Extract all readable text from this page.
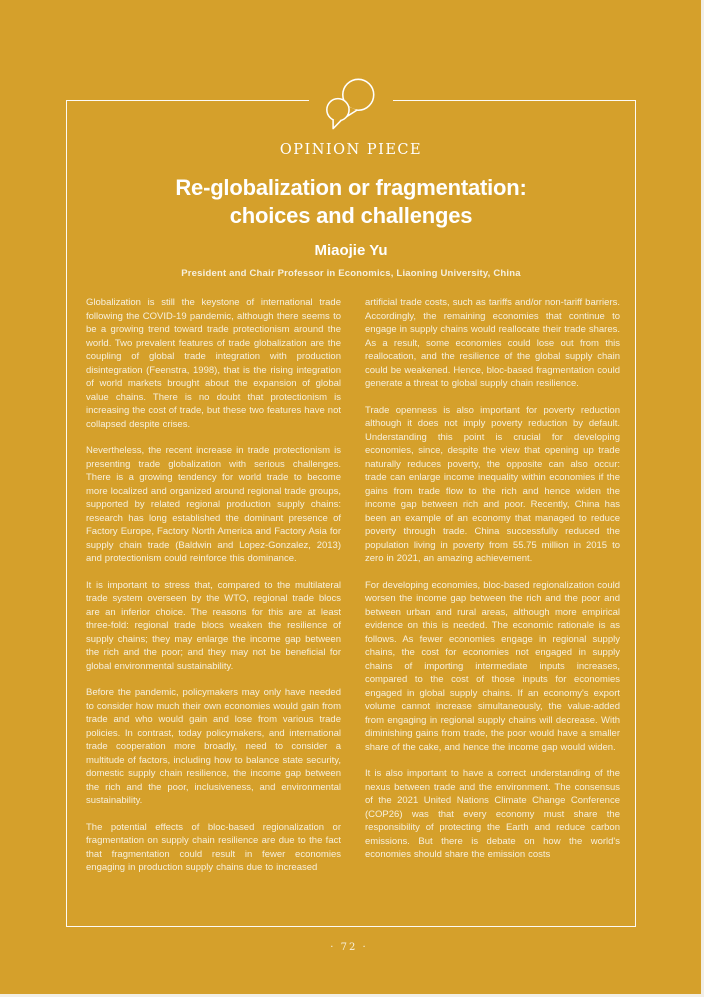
OPINION PIECE
Re-globalization or fragmentation:
choices and challenges
Miaojie Yu
President and Chair Professor in Economics, Liaoning University, China

Globalization is still the keystone of international trade following the COVID-19 pandemic, although there seems to be a growing trend toward trade protectionism around the world. Two prevalent features of trade globalization are the coupling of global trade integration with production disintegration (Feenstra, 1998), that is the rising integration of world markets brought about the expansion of global value chains. There is no doubt that protectionism is increasing the cost of trade, but these two features have not collapsed despite crises.

Nevertheless, the recent increase in trade protectionism is presenting trade globalization with serious challenges. There is a growing tendency for world trade to become more localized and organized around regional trade groups, supported by related regional production supply chains: research has long established the dominant presence of Factory Europe, Factory North America and Factory Asia for supply chain trade (Baldwin and Lopez-Gonzalez, 2013) and protectionism could reinforce this dominance.

It is important to stress that, compared to the multilateral trade system overseen by the WTO, regional trade blocs are an inferior choice. The reasons for this are at least three-fold: regional trade blocs weaken the resilience of supply chains; they may enlarge the income gap between the rich and the poor; and they may not be beneficial for global environmental sustainability.

Before the pandemic, policymakers may only have needed to consider how much their own economies would gain from trade and who would gain and lose from various trade policies. In contrast, today policymakers, and international trade cooperation more broadly, need to consider a multitude of factors, including how to balance state security, domestic supply chain resilience, the income gap between the rich and the poor, inclusiveness, and environmental sustainability.

The potential effects of bloc-based regionalization or fragmentation on supply chain resilience are due to the fact that fragmentation could result in fewer economies engaging in production supply chains due to increased

artificial trade costs, such as tariffs and/or non-tariff barriers. Accordingly, the remaining economies that continue to engage in supply chains would reallocate their trade shares. As a result, some economies could lose out from this reallocation, and the resilience of the global supply chain could be weakened. Hence, bloc-based fragmentation could generate a threat to global supply chain resilience.

Trade openness is also important for poverty reduction although it does not imply poverty reduction by default. Understanding this point is crucial for developing economies, since, despite the view that opening up trade naturally reduces poverty, the opposite can also occur: trade can enlarge income inequality within economies if the gains from trade flow to the rich and hence widen the income gap between rich and poor. Recently, China has been an example of an economy that managed to reduce poverty through trade. China successfully reduced the population living in poverty from 55.75 million in 2015 to zero in 2021, an amazing achievement.

For developing economies, bloc-based regionalization could worsen the income gap between the rich and the poor and between urban and rural areas, although more empirical evidence on this is needed. The economic rationale is as follows. As fewer economies engage in regional supply chains, the cost for economies not engaged in supply chains of importing intermediate inputs increases, compared to the cost of those inputs for economies engaged in global supply chains. If an economy's export volume cannot increase simultaneously, the value-added from engaging in regional supply chains will decrease. With diminishing gains from trade, the poor would have a smaller share of the cake, and hence the income gap would widen.

It is also important to have a correct understanding of the nexus between trade and the environment. The consensus of the 2021 United Nations Climate Change Conference (COP26) was that every economy must share the responsibility of protecting the Earth and reduce carbon emissions. But there is debate on how the world's economies should share the emission costs

· 72 ·
